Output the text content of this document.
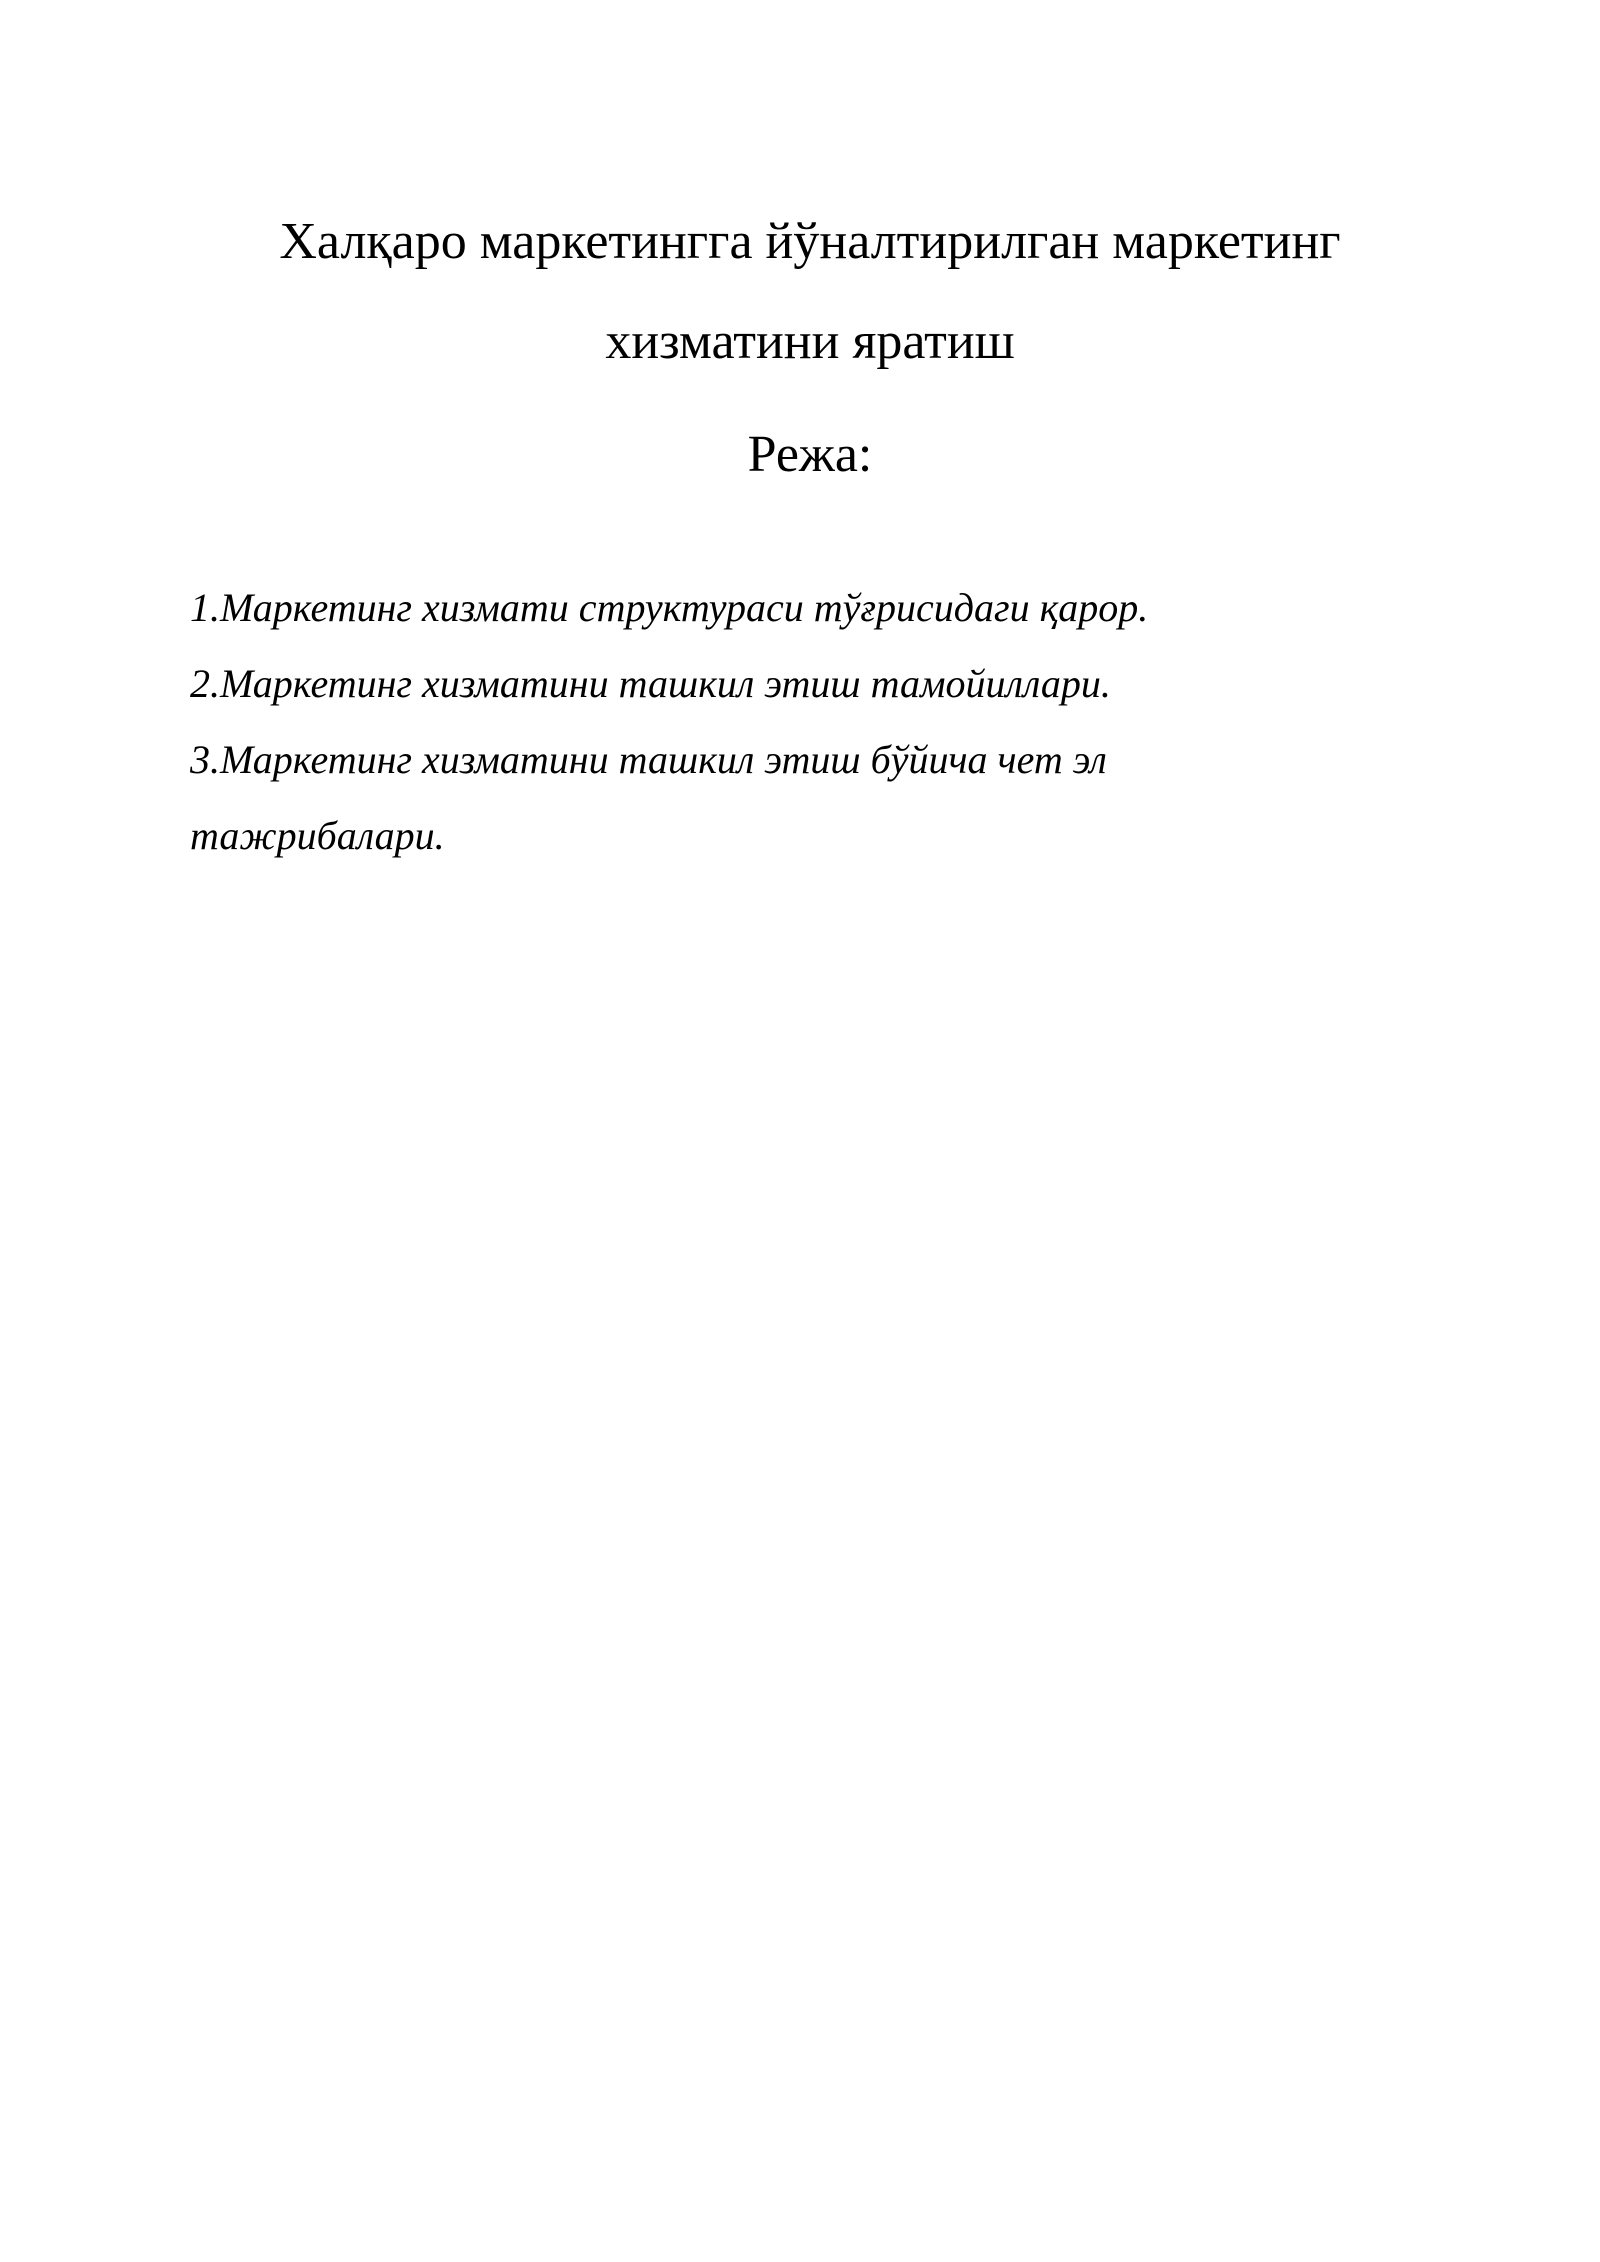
Халқаро маркетингга йўналтирилган маркетинг
хизматини яратиш
Режа:
1.Маркетинг хизмати структураси тўғрисидаги қарор.
2.Маркетинг хизматини ташкил этиш тамойиллари.
3.Маркетинг хизматини ташкил этиш бўйича чет эл
тажрибалари.
